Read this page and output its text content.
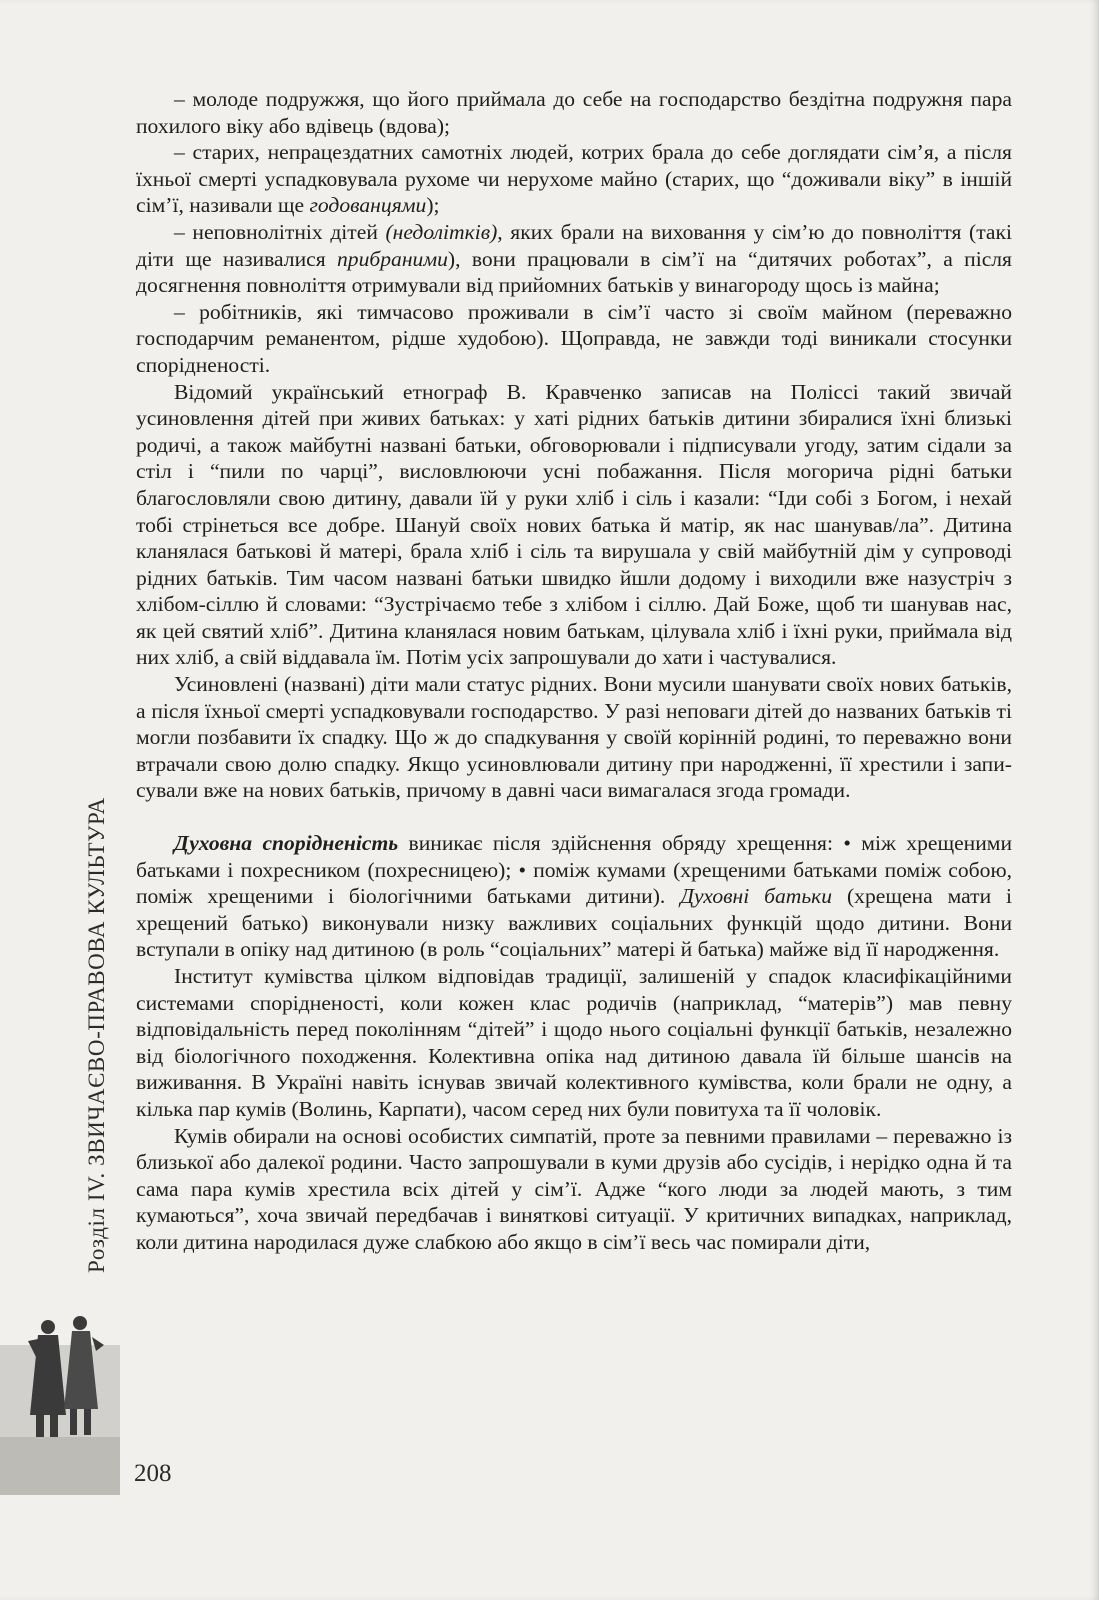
Розділ IV. ЗВИЧАЄВО-ПРАВОВА КУЛЬТУРА

– молоде подружжя, що його приймала до себе на господарство бездітна подружня пара похилого віку або вдівець (вдова);

– старих, непрацездатних самотніх людей, котрих брала до себе доглядати сім’я, а після їхньої смерті успадковувала рухоме чи нерухоме майно (старих, що “доживали віку” в іншій сім’ї, називали ще годованцями);

– неповнолітніх дітей (недолітків), яких брали на виховання у сім’ю до повноліття (такі діти ще називалися прибраними), вони працювали в сім’ї на “дитячих роботах”, а після досягнення повноліття отримували від прийомних батьків у винагороду щось із майна;

– робітників, які тимчасово проживали в сім’ї часто зі своїм майном (переважно господарчим реманентом, рідше худобою). Щоправда, не завжди тоді виникали стосунки спорідненості.

Відомий український етнограф В. Кравченко записав на Поліссі такий звичай усиновлення дітей при живих батьках: у хаті рідних батьків дитини збиралися їхні близькі родичі, а також майбутні названі батьки, обговорювали і підписували угоду, затим сідали за стіл і “пили по чарці”, висловлюючи усні побажання. Після могорича рідні батьки благословляли свою дитину, давали їй у руки хліб і сіль і казали: “Іди собі з Богом, і нехай тобі стрінеться все добре. Шануй своїх нових батька й матір, як нас шанував/ла”. Дитина кланялася батькові й матері, брала хліб і сіль та вирушала у свій майбутній дім у супроводі рідних батьків. Тим часом названі батьки швидко йшли додому і виходили вже назустріч з хлібом-сіллю й словами: “Зустрічаємо тебе з хлібом і сіллю. Дай Боже, щоб ти шанував нас, як цей святий хліб”. Дитина кланялася новим батькам, цілувала хліб і їхні руки, приймала від них хліб, а свій віддавала їм. Потім усіх запрошували до хати і частувалися.

Усиновлені (названі) діти мали статус рідних. Вони мусили шанувати своїх нових батьків, а після їхньої смерті успадковували господарство. У разі неповаги дітей до названих батьків ті могли позбавити їх спадку. Що ж до спадкування у своїй корінній родині, то переважно вони втрачали свою долю спадку. Якщо усиновлювали дитину при народженні, її хрестили і записували вже на нових батьків, причому в давні часи вимагалася згода громади.

Духовна спорідненість виникає після здійснення обряду хрещення: • між хрещеними батьками і похресником (похресницею); • поміж кумами (хрещеними батьками поміж собою, поміж хрещеними і біологічними батьками дитини). Духовні батьки (хрещена мати і хрещений батько) виконували низку важливих соціальних функцій щодо дитини. Вони вступали в опіку над дитиною (в роль “соціальних” матері й батька) майже від її народження.

Інститут кумівства цілком відповідав традиції, залишеній у спадок класифікаційними системами спорідненості, коли кожен клас родичів (наприклад, “матерів”) мав певну відповідальність перед поколінням “дітей” і щодо нього соціальні функції батьків, незалежно від біологічного походження. Колективна опіка над дитиною давала їй більше шансів на виживання. В Україні навіть існував звичай колективного кумівства, коли брали не одну, а кілька пар кумів (Волинь, Карпати), часом серед них були повитуха та її чоловік.

Кумів обирали на основі особистих симпатій, проте за певними правилами – переважно із близької або далекої родини. Часто запрошували в куми друзів або сусідів, і нерідко одна й та сама пара кумів хрестила всіх дітей у сім’ї. Адже “кого люди за людей мають, з тим кумаються”, хоча звичай передбачав і виняткові ситуації. У критичних випадках, наприклад, коли дитина народилася дуже слабкою або якщо в сім’ї весь час помирали діти,

208
